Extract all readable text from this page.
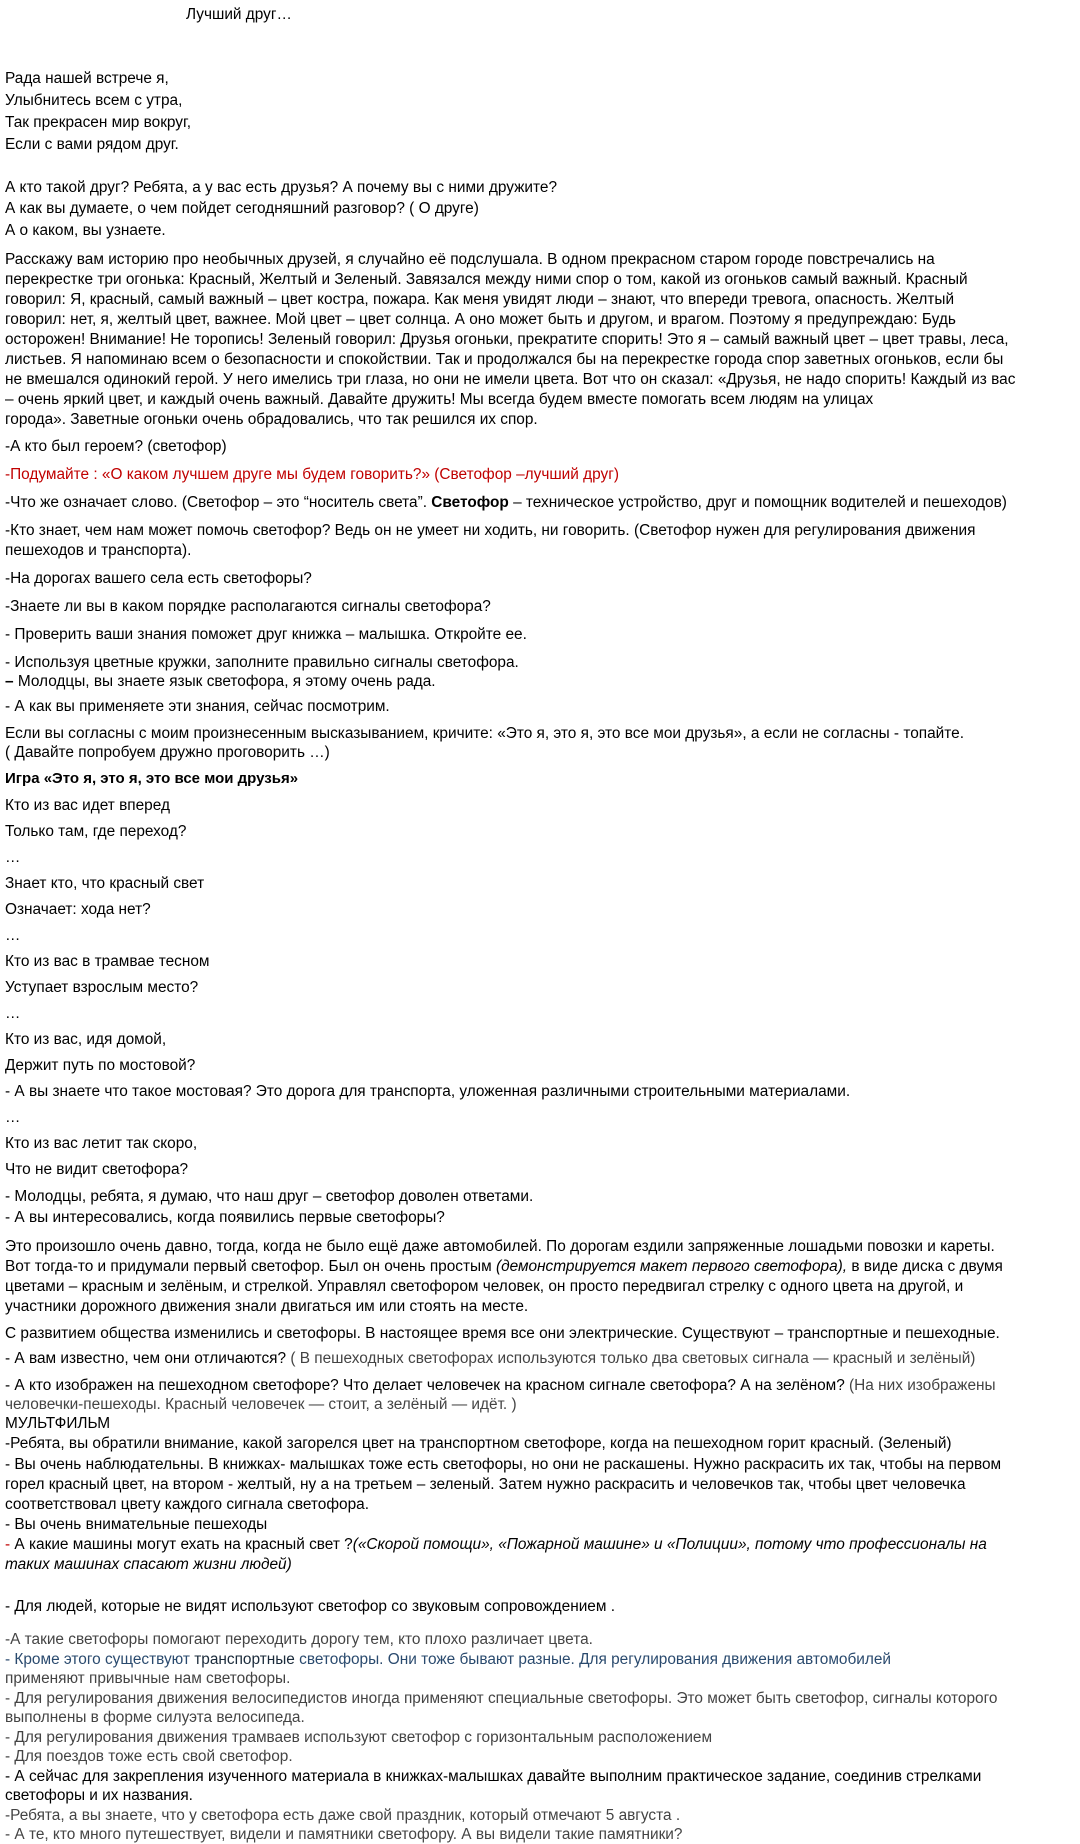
Лучший друг…
Рада нашей встрече я,
Улыбнитесь всем с утра,
Так прекрасен мир вокруг,
Если с вами рядом друг.
А кто такой друг? Ребята, а у вас есть друзья? А почему вы с ними дружите?
А как вы думаете, о чем пойдет сегодняшний разговор? ( О друге)
А о каком, вы узнаете.
Расскажу вам историю про необычных друзей, я случайно её подслушала. В одном прекрасном старом городе повстречались на
перекрестке три огонька: Красный, Желтый и Зеленый. Завязался между ними спор о том, какой из огоньков самый важный. Красный
говорил: Я, красный, самый важный – цвет костра, пожара. Как меня увидят люди – знают, что впереди тревога, опасность. Желтый
говорил: нет, я, желтый цвет, важнее. Мой цвет – цвет солнца. А оно может быть и другом, и врагом. Поэтому я предупреждаю: Будь
осторожен! Внимание! Не торопись! Зеленый говорил: Друзья огоньки, прекратите спорить! Это я – самый важный цвет – цвет травы, леса,
листьев. Я напоминаю всем о безопасности и спокойствии. Так и продолжался бы на перекрестке города спор заветных огоньков, если бы
не вмешался одинокий герой. У него имелись три глаза, но они не имели цвета. Вот что он сказал: «Друзья, не надо спорить! Каждый из вас
– очень яркий цвет, и каждый очень важный. Давайте дружить! Мы всегда будем вместе помогать всем людям на улицах
города». Заветные огоньки очень обрадовались, что так решился их спор.
-А кто был героем? (светофор)
-Подумайте : «О каком лучшем друге мы будем говорить?» (Светофор –лучший друг)
-Что же означает слово. (Светофор – это “носитель света”. Светофор – техническое устройство, друг и помощник водителей и пешеходов)
-Кто знает, чем нам может помочь светофор? Ведь он не умеет ни ходить, ни говорить. (Светофор нужен для регулирования движения
пешеходов и транспорта).
-На дорогах вашего села есть светофоры?
-Знаете ли вы в каком порядке располагаются сигналы светофора?
- Проверить ваши знания поможет друг книжка – малышка. Откройте ее.
- Используя цветные кружки, заполните правильно сигналы светофора.
– Молодцы, вы знаете язык светофора, я этому очень рада.
- А как вы применяете эти знания, сейчас посмотрим.
Если вы согласны с моим произнесенным высказыванием, кричите: «Это я, это я, это все мои друзья», а если не согласны - топайте.
( Давайте попробуем дружно проговорить …)
Игра «Это я, это я, это все мои друзья»
Кто из вас идет вперед
Только там, где переход?
…
Знает кто, что красный свет
Означает: хода нет?
…
Кто из вас в трамвае тесном
Уступает взрослым место?
…
Кто из вас, идя домой,
Держит путь по мостовой?
- А вы знаете что такое мостовая? Это дорога для транспорта, уложенная различными строительными материалами.
…
Кто из вас летит так скоро,
Что не видит светофора?
- Молодцы, ребята, я думаю, что наш друг – светофор доволен ответами.
- А вы интересовались, когда появились первые светофоры?
Это произошло очень давно, тогда, когда не было ещё даже автомобилей. По дорогам ездили запряженные лошадьми повозки и кареты.
Вот тогда-то и придумали первый светофор. Был он очень простым (демонстрируется макет первого светофора), в виде диска с двумя
цветами – красным и зелёным, и стрелкой. Управлял светофором человек, он просто передвигал стрелку с одного цвета на другой, и
участники дорожного движения знали двигаться им или стоять на месте.
С развитием общества изменились и светофоры. В настоящее время все они электрические. Существуют – транспортные и пешеходные.
- А вам известно, чем они отличаются? ( В пешеходных светофорах используются только два световых сигнала — красный и зелёный)
- А кто изображен на пешеходном светофоре? Что делает человечек на красном сигнале светофора? А на зелёном? (На них изображены
человечки-пешеходы. Красный человечек — стоит, а зелёный — идёт. )
МУЛЬТФИЛЬМ
-Ребята, вы обратили внимание, какой загорелся цвет на транспортном светофоре, когда на пешеходном горит красный. (Зеленый)
- Вы очень наблюдательны. В книжках- малышках тоже есть светофоры, но они не раскашены. Нужно раскрасить их так, чтобы на первом
горел красный цвет, на втором - желтый, ну а на третьем – зеленый. Затем нужно раскрасить и человечков так, чтобы цвет человечка
соответствовал цвету каждого сигнала светофора.
- Вы очень внимательные пешеходы
- А какие машины могут ехать на красный свет ?(«Скорой помощи», «Пожарной машине» и «Полиции», потому что профессионалы на
таких машинах спасают жизни людей)
- Для людей, которые не видят используют светофор со звуковым сопровождением .
-А такие светофоры помогают переходить дорогу тем, кто плохо различает цвета.
- Кроме этого существуют транспортные светофоры. Они тоже бывают разные. Для регулирования движения автомобилей
применяют привычные нам светофоры.
- Для регулирования движения велосипедистов иногда применяют специальные светофоры. Это может быть светофор, сигналы которого
выполнены в форме силуэта велосипеда.
- Для регулирования движения трамваев используют светофор с горизонтальным расположением
- Для поездов тоже есть свой светофор.
- А сейчас для закрепления изученного материала в книжках-малышках давайте выполним практическое задание, соединив стрелками
светофоры и их названия.
-Ребята, а вы знаете, что у светофора есть даже свой праздник, который отмечают 5 августа .
- А те, кто много путешествует, видели и памятники светофору. А вы видели такие памятники?
